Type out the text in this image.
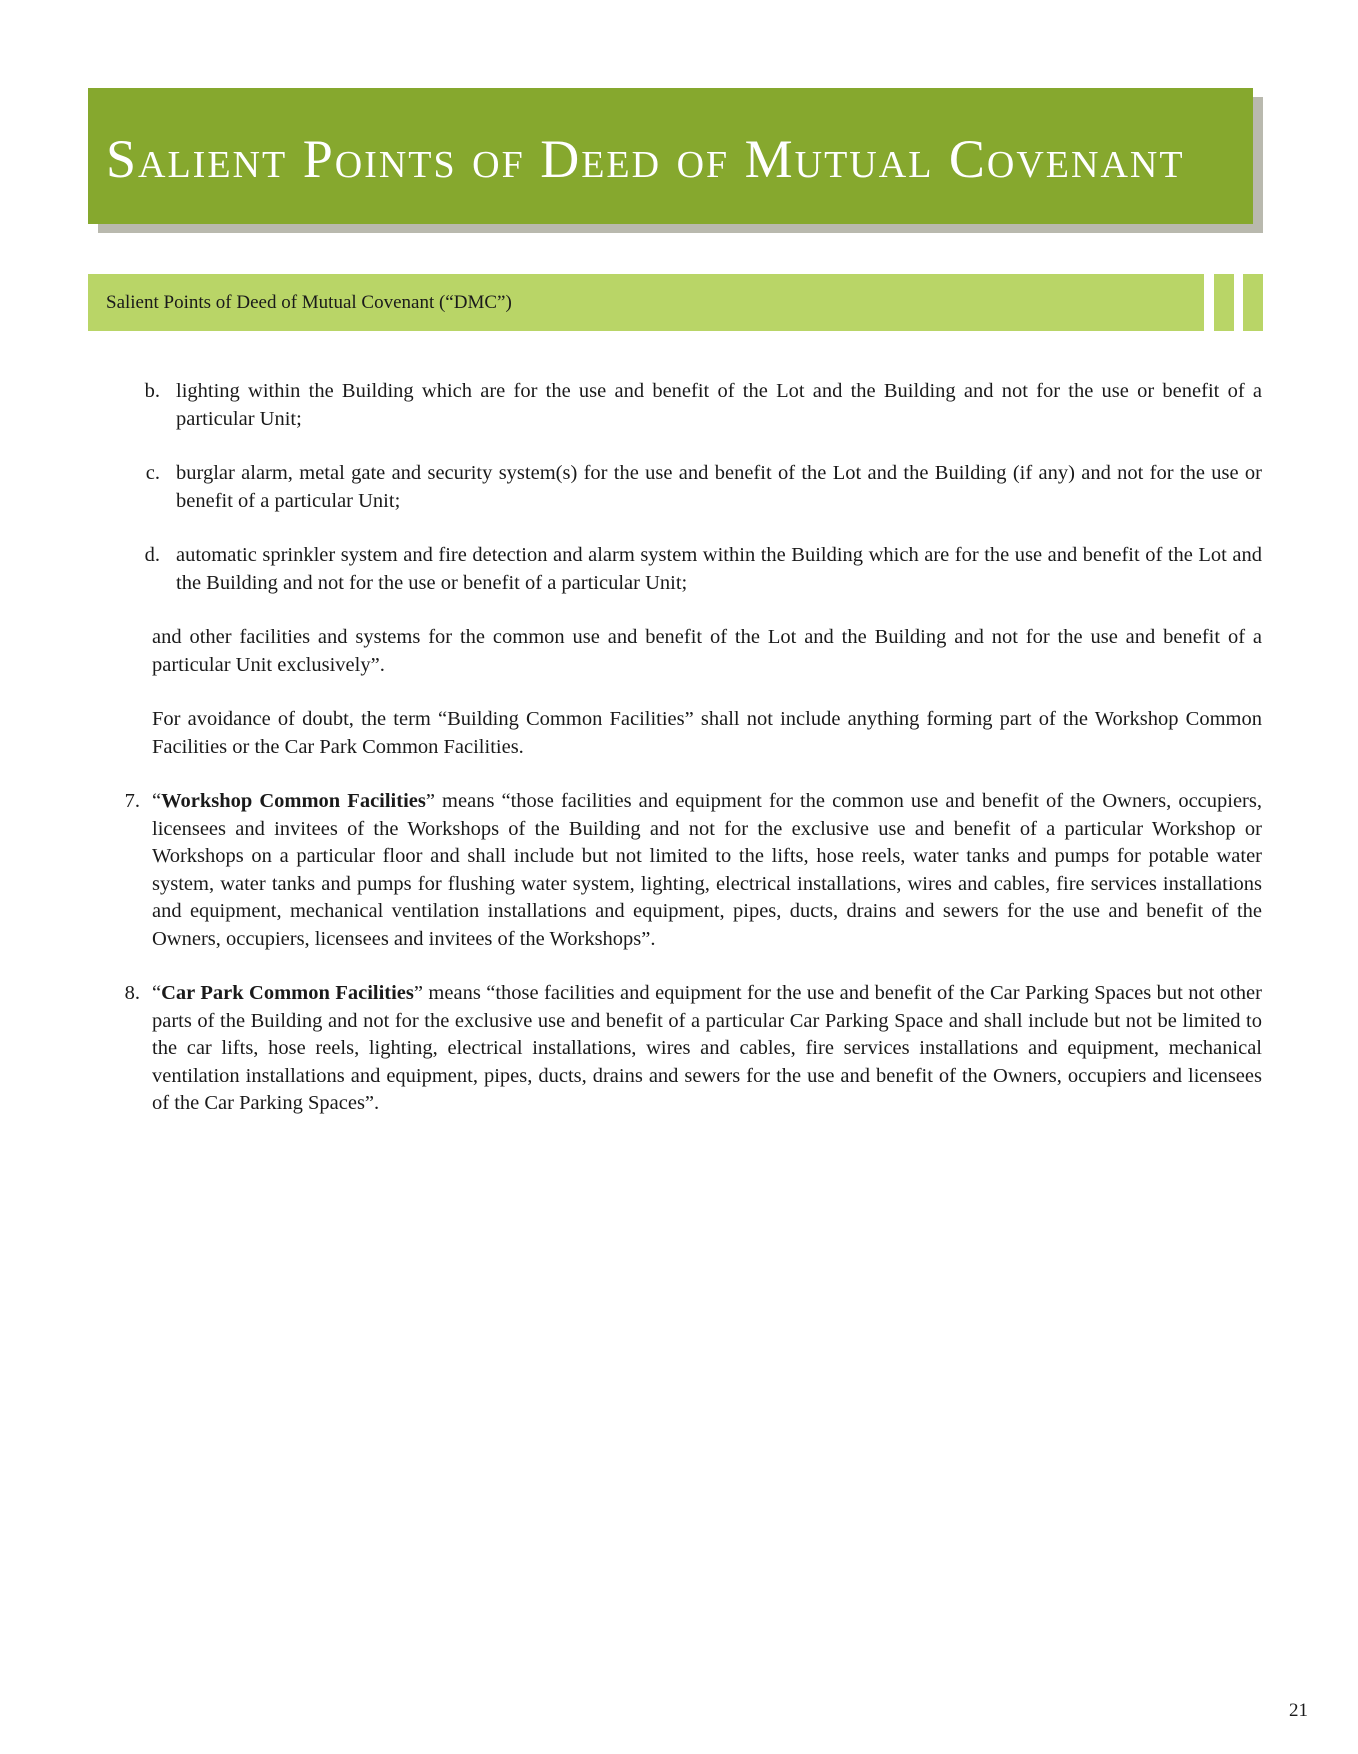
Salient Points of Deed of Mutual Covenant
Salient Points of Deed of Mutual Covenant (“DMC”)
b. lighting within the Building which are for the use and benefit of the Lot and the Building and not for the use or benefit of a particular Unit;
c. burglar alarm, metal gate and security system(s) for the use and benefit of the Lot and the Building (if any) and not for the use or benefit of a particular Unit;
d. automatic sprinkler system and fire detection and alarm system within the Building which are for the use and benefit of the Lot and the Building and not for the use or benefit of a particular Unit;

and other facilities and systems for the common use and benefit of the Lot and the Building and not for the use and benefit of a particular Unit exclusively”.

For avoidance of doubt, the term “Building Common Facilities” shall not include anything forming part of the Workshop Common Facilities or the Car Park Common Facilities.

7. “Workshop Common Facilities” means “those facilities and equipment for the common use and benefit of the Owners, occupiers, licensees and invitees of the Workshops of the Building and not for the exclusive use and benefit of a particular Workshop or Workshops on a particular floor and shall include but not limited to the lifts, hose reels, water tanks and pumps for potable water system, water tanks and pumps for flushing water system, lighting, electrical installations, wires and cables, fire services installations and equipment, mechanical ventilation installations and equipment, pipes, ducts, drains and sewers for the use and benefit of the Owners, occupiers, licensees and invitees of the Workshops”.
8. “Car Park Common Facilities” means “those facilities and equipment for the use and benefit of the Car Parking Spaces but not other parts of the Building and not for the exclusive use and benefit of a particular Car Parking Space and shall include but not be limited to the car lifts, hose reels, lighting, electrical installations, wires and cables, fire services installations and equipment, mechanical ventilation installations and equipment, pipes, ducts, drains and sewers for the use and benefit of the Owners, occupiers and licensees of the Car Parking Spaces”.
21
